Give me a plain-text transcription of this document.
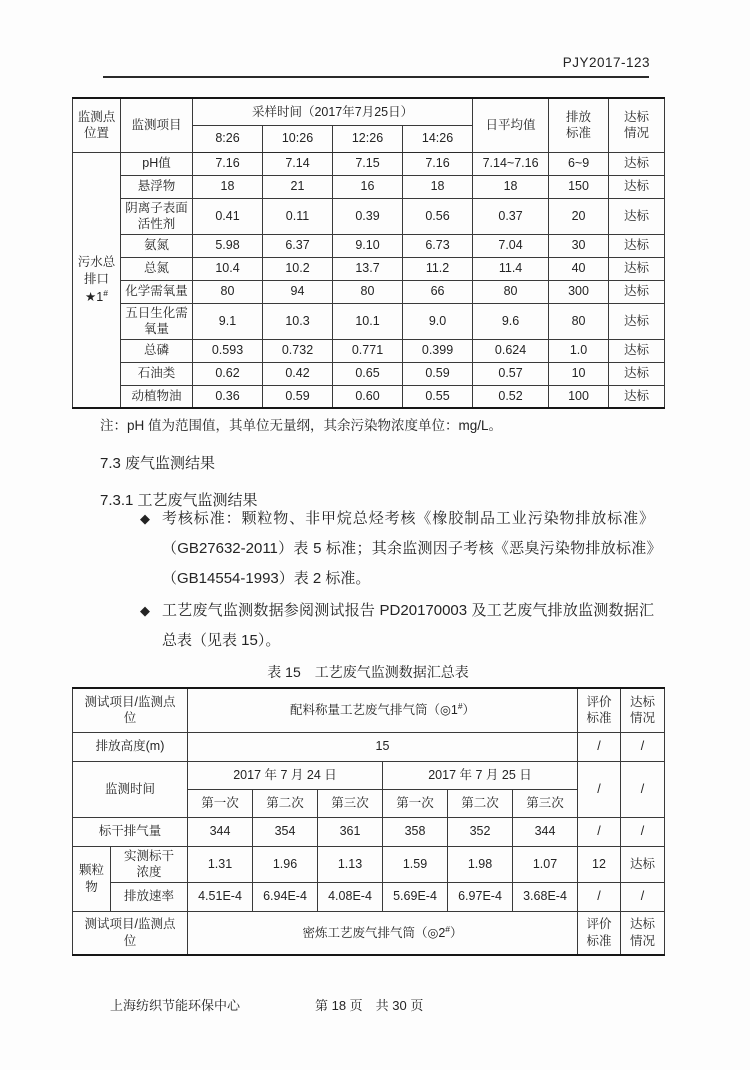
PJY2017-123
监测点位置	监测项目	采样时间（2017年7月25日）				日平均值	排放标准	达标情况
		8:26	10:26	12:26	14:26			
污水总排口
★1#	pH值	7.16	7.14	7.15	7.16	7.14~7.16	6~9	达标
	悬浮物	18	21	16	18	18	150	达标
	阴离子表面活性剂	0.41	0.11	0.39	0.56	0.37	20	达标
	氨氮	5.98	6.37	9.10	6.73	7.04	30	达标
	总氮	10.4	10.2	13.7	11.2	11.4	40	达标
	化学需氧量	80	94	80	66	80	300	达标
	五日生化需氧量	9.1	10.3	10.1	9.0	9.6	80	达标
	总磷	0.593	0.732	0.771	0.399	0.624	1.0	达标
	石油类	0.62	0.42	0.65	0.59	0.57	10	达标
	动植物油	0.36	0.59	0.60	0.55	0.52	100	达标
注：pH 值为范围值，其单位无量纲，其余污染物浓度单位：mg/L。
7.3 废气监测结果
7.3.1 工艺废气监测结果
◆ 考核标准：颗粒物、非甲烷总烃考核《橡胶制品工业污染物排放标准》（GB27632-2011）表 5 标准；其余监测因子考核《恶臭污染物排放标准》（GB14554-1993）表 2 标准。
◆ 工艺废气监测数据参阅测试报告 PD20170003 及工艺废气排放监测数据汇总表（见表 15）。
表 15　工艺废气监测数据汇总表
测试项目/监测点位		配料称量工艺废气排气筒（◎1#）						评价标准	达标情况
排放高度(m)		15						/	/
监测时间		2017 年 7 月 24 日			2017 年 7 月 25 日			/	/
		第一次	第二次	第三次	第一次	第二次	第三次		
标干排气量		344	354	361	358	352	344	/	/
颗粒物	实测标干浓度	1.31	1.96	1.13	1.59	1.98	1.07	12	达标
	排放速率	4.51E-4	6.94E-4	4.08E-4	5.69E-4	6.97E-4	3.68E-4	/	/
测试项目/监测点位		密炼工艺废气排气筒（◎2#）						评价标准	达标情况
上海纺织节能环保中心	第 18 页　共 30 页
